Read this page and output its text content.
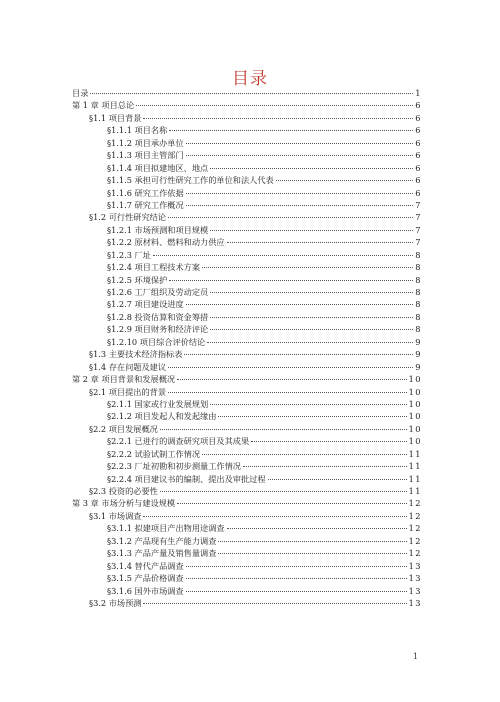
目录
目录	1
第 1 章 项目总论	6
§1.1 项目背景	6
§1.1.1 项目名称	6
§1.1.2 项目承办单位	6
§1.1.3 项目主管部门	6
§1.1.4 项目拟建地区、地点	6
§1.1.5 承担可行性研究工作的单位和法人代表	6
§1.1.6 研究工作依据	6
§1.1.7 研究工作概况	7
§1.2 可行性研究结论	7
§1.2.1 市场预测和项目规模	7
§1.2.2 原材料、燃料和动力供应	7
§1.2.3 厂址	8
§1.2.4 项目工程技术方案	8
§1.2.5 环境保护	8
§1.2.6 工厂组织及劳动定员	8
§1.2.7 项目建设进度	8
§1.2.8 投资估算和资金筹措	8
§1.2.9 项目财务和经济评论	8
§1.2.10 项目综合评价结论	9
§1.3 主要技术经济指标表	9
§1.4 存在问题及建议	9
第 2 章 项目背景和发展概况	10
§2.1 项目提出的背景	10
§2.1.1 国家或行业发展规划	10
§2.1.2 项目发起人和发起缘由	10
§2.2 项目发展概况	10
§2.2.1 已进行的调查研究项目及其成果	10
§2.2.2 试验试制工作情况	11
§2.2.3 厂址初勘和初步测量工作情况	11
§2.2.4 项目建议书的编制、提出及审批过程	11
§2.3 投资的必要性	11
第 3 章 市场分析与建设规模	12
§3.1 市场调查	12
§3.1.1 拟建项目产出物用途调查	12
§3.1.2 产品现有生产能力调查	12
§3.1.3 产品产量及销售量调查	12
§3.1.4 替代产品调查	13
§3.1.5 产品价格调查	13
§3.1.6 国外市场调查	13
§3.2 市场预测	13
1
